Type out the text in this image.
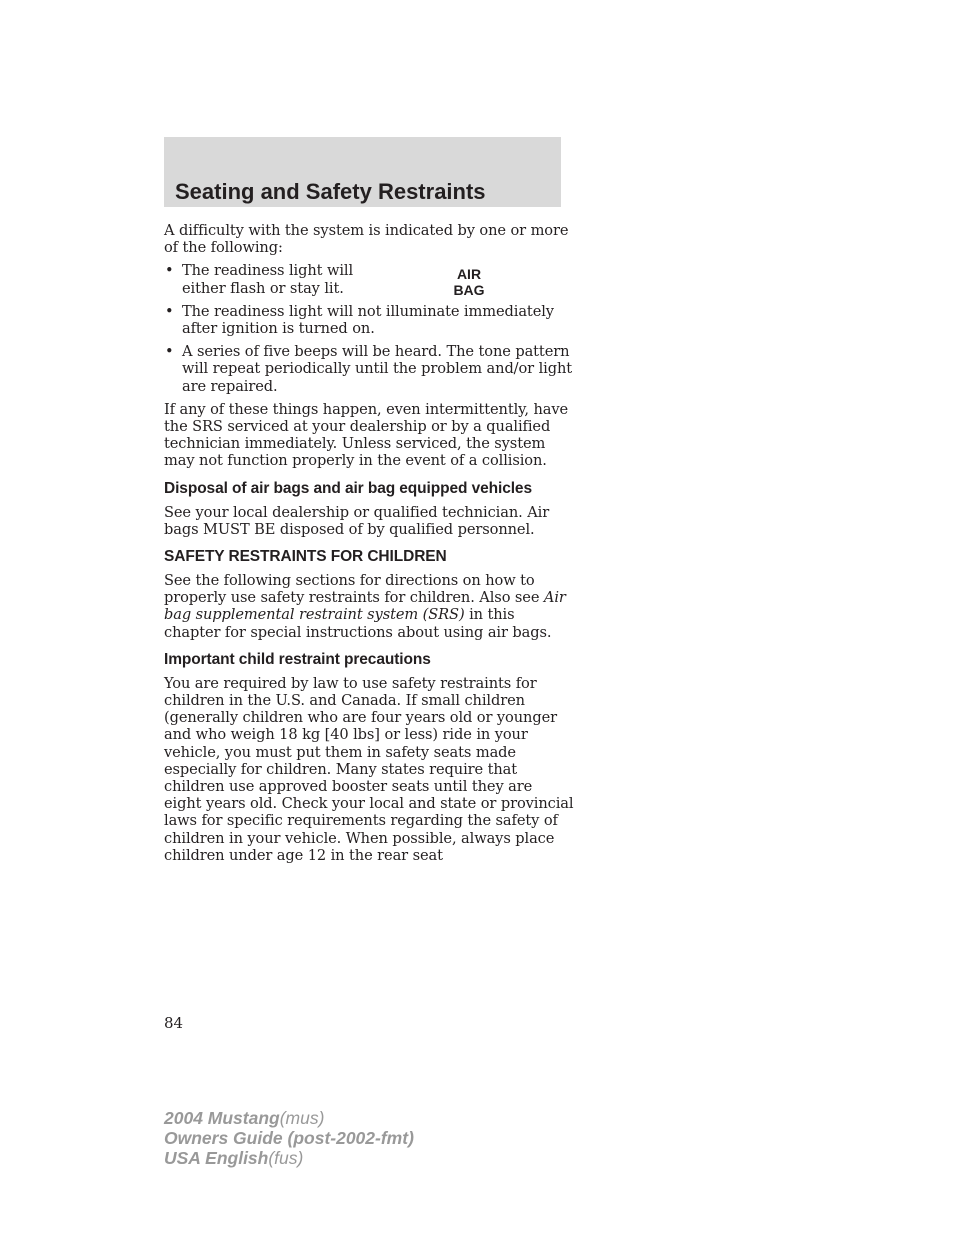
Seating and Safety Restraints
AIR
BAG

A difficulty with the system is indicated by one or more of the following:

• The readiness light will either flash or stay lit.
• The readiness light will not illuminate immediately after ignition is turned on.
• A series of five beeps will be heard. The tone pattern will repeat periodically until the problem and/or light are repaired.

If any of these things happen, even intermittently, have the SRS serviced at your dealership or by a qualified technician immediately. Unless serviced, the system may not function properly in the event of a collision.

Disposal of air bags and air bag equipped vehicles

See your local dealership or qualified technician. Air bags MUST BE disposed of by qualified personnel.

SAFETY RESTRAINTS FOR CHILDREN

See the following sections for directions on how to properly use safety restraints for children. Also see Air bag supplemental restraint system (SRS) in this chapter for special instructions about using air bags.

Important child restraint precautions

You are required by law to use safety restraints for children in the U.S. and Canada. If small children (generally children who are four years old or younger and who weigh 18 kg [40 lbs] or less) ride in your vehicle, you must put them in safety seats made especially for children. Many states require that children use approved booster seats until they are eight years old. Check your local and state or provincial laws for specific requirements regarding the safety of children in your vehicle. When possible, always place children under age 12 in the rear seat

84
2004 Mustang(mus)
Owners Guide (post-2002-fmt)
USA English(fus)
